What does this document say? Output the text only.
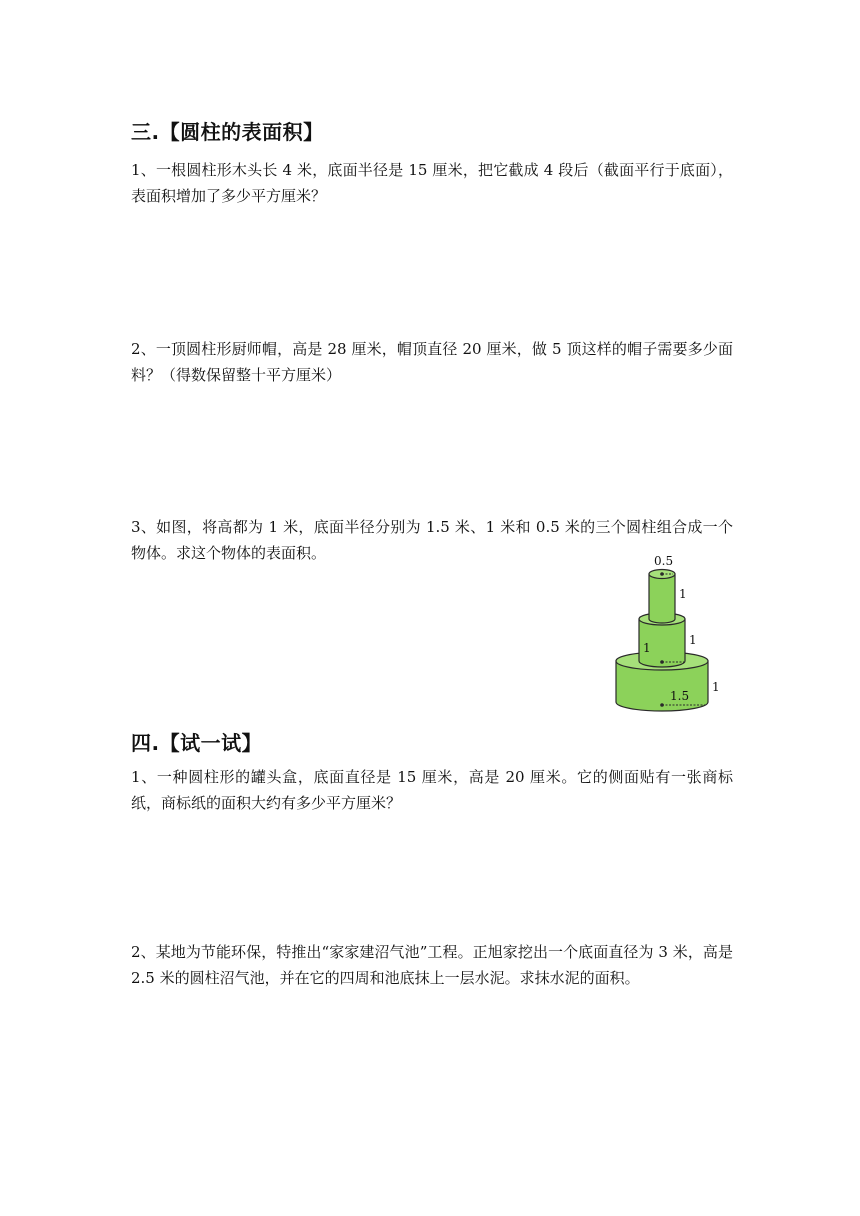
三.【圆柱的表面积】

1、一根圆柱形木头长 4 米，底面半径是 15 厘米，把它截成 4 段后（截面平行于底面），表面积增加了多少平方厘米？

2、一顶圆柱形厨师帽，高是 28 厘米，帽顶直径 20 厘米，做 5 顶这样的帽子需要多少面料？（得数保留整十平方厘米）

3、如图，将高都为 1 米，底面半径分别为 1.5 米、1 米和 0.5 米的三个圆柱组合成一个物体。求这个物体的表面积。	0.5
1
1
1
1.5
1
四.【试一试】

1、一种圆柱形的罐头盒，底面直径是 15 厘米，高是 20 厘米。它的侧面贴有一张商标纸，商标纸的面积大约有多少平方厘米？

2、某地为节能环保，特推出“家家建沼气池”工程。正旭家挖出一个底面直径为 3 米，高是 2.5 米的圆柱沼气池，并在它的四周和池底抹上一层水泥。求抹水泥的面积。
